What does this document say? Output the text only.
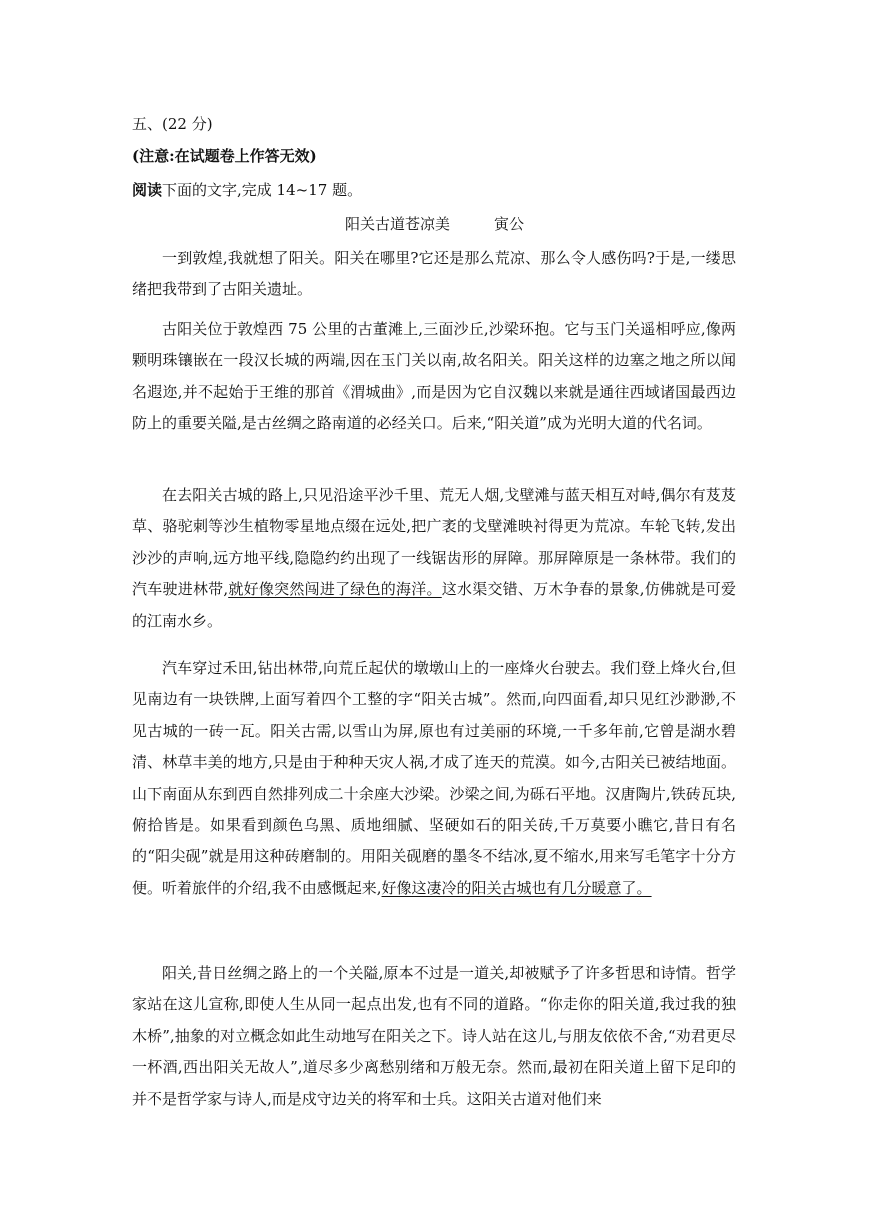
五、(22 分)
(注意:在试题卷上作答无效)
阅读下面的文字,完成 14~17 题。
阳关古道苍凉美	寅公
一到敦煌,我就想了阳关。阳关在哪里?它还是那么荒凉、那么令人感伤吗?于是,一缕思绪把我带到了古阳关遗址。
古阳关位于敦煌西 75 公里的古董滩上,三面沙丘,沙梁环抱。它与玉门关遥相呼应,像两颗明珠镶嵌在一段汉长城的两端,因在玉门关以南,故名阳关。阳关这样的边塞之地之所以闻名遐迩,并不起始于王维的那首《渭城曲》,而是因为它自汉魏以来就是通往西域诸国最西边防上的重要关隘,是古丝绸之路南道的必经关口。后来,“阳关道”成为光明大道的代名词。
在去阳关古城的路上,只见沿途平沙千里、荒无人烟,戈壁滩与蓝天相互对峙,偶尔有芨芨草、骆驼刺等沙生植物零星地点缀在远处,把广袤的戈壁滩映衬得更为荒凉。车轮飞转,发出沙沙的声响,远方地平线,隐隐约约出现了一线锯齿形的屏障。那屏障原是一条林带。我们的汽车驶进林带,就好像突然闯进了绿色的海洋。这水渠交错、万木争春的景象,仿佛就是可爱的江南水乡。
汽车穿过禾田,钻出林带,向荒丘起伏的墩墩山上的一座烽火台驶去。我们登上烽火台,但见南边有一块铁牌,上面写着四个工整的字“阳关古城”。然而,向四面看,却只见红沙渺渺,不见古城的一砖一瓦。阳关古需,以雪山为屏,原也有过美丽的环境,一千多年前,它曾是湖水碧清、林草丰美的地方,只是由于种种天灾人祸,才成了连天的荒漠。如今,古阳关已被结地面。山下南面从东到西自然排列成二十余座大沙梁。沙梁之间,为砾石平地。汉唐陶片,铁砖瓦块,俯拾皆是。如果看到颜色乌黑、质地细腻、坚硬如石的阳关砖,千万莫要小瞧它,昔日有名的“阳尖砚”就是用这种砖磨制的。用阳关砚磨的墨冬不结冰,夏不缩水,用来写毛笔字十分方便。听着旅伴的介绍,我不由感慨起来,好像这凄冷的阳关古城也有几分暖意了。
阳关,昔日丝绸之路上的一个关隘,原本不过是一道关,却被赋予了许多哲思和诗情。哲学家站在这儿宣称,即使人生从同一起点出发,也有不同的道路。“你走你的阳关道,我过我的独木桥”,抽象的对立概念如此生动地写在阳关之下。诗人站在这儿,与朋友依依不舍,“劝君更尽一杯酒,西出阳关无故人”,道尽多少离愁别绪和万般无奈。然而,最初在阳关道上留下足印的并不是哲学家与诗人,而是戍守边关的将军和士兵。这阳关古道对他们来
